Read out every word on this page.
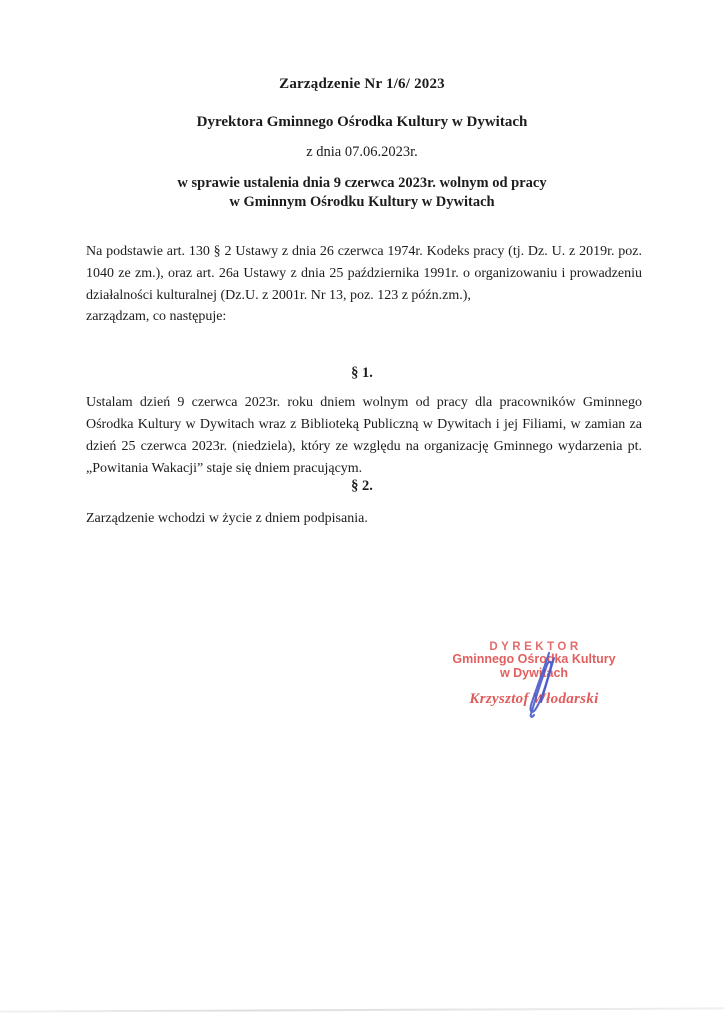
Zarządzenie Nr 1/6/ 2023
Dyrektora Gminnego Ośrodka Kultury w Dywitach
z dnia 07.06.2023r.
w sprawie ustalenia dnia 9 czerwca 2023r. wolnym od pracy
w Gminnym Ośrodku Kultury w Dywitach
Na podstawie art. 130 § 2 Ustawy z dnia 26 czerwca 1974r. Kodeks pracy (tj. Dz. U. z 2019r. poz. 1040 ze zm.), oraz art. 26a Ustawy z dnia 25 października 1991r. o organizowaniu i prowadzeniu działalności kulturalnej (Dz.U. z 2001r. Nr 13, poz. 123 z późn.zm.),
zarządzam, co następuje:
§ 1.
Ustalam dzień 9 czerwca 2023r. roku dniem wolnym od pracy dla pracowników Gminnego Ośrodka Kultury w Dywitach wraz z Biblioteką Publiczną w Dywitach i jej Filiami, w zamian za dzień 25 czerwca 2023r. (niedziela), który ze względu na organizację Gminnego wydarzenia pt. „Powitania Wakacji” staje się dniem pracującym.
§ 2.
Zarządzenie wchodzi w życie z dniem podpisania.
DYREKTOR
Gminnego Ośrodka Kultury
w Dywitach
Krzysztof Włodarski
